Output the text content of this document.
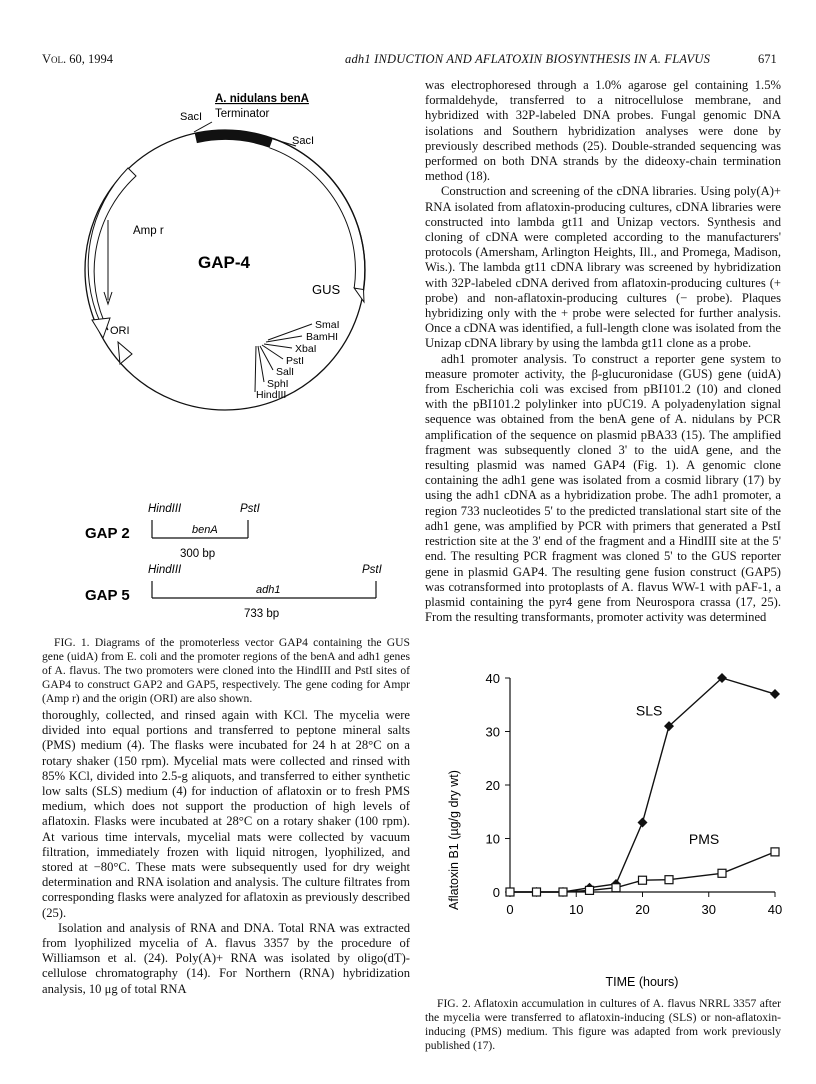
Vol. 60, 1994	adh1 INDUCTION AND AFLATOXIN BIOSYNTHESIS IN A. FLAVUS	671
A. nidulans benA
Terminator
SacI
SacI
GAP-4
GUS
Amp r
ORI	SmaI
BamHI
XbaI
PstI
SalI
SphI
HindIII
HindIII	PstI
GAP 2	benA
300 bp
HindIII	PstI
GAP 5	adh1
733 bp

FIG. 1. Diagrams of the promoterless vector GAP4 containing the GUS gene (uidA) from E. coli and the promoter regions of the benA and adh1 genes of A. flavus. The two promoters were cloned into the HindIII and PstI sites of GAP4 to construct GAP2 and GAP5, respectively. The gene coding for Ampr (Amp r) and the origin (ORI) are also shown.

thoroughly, collected, and rinsed again with KCl. The mycelia were divided into equal portions and transferred to peptone mineral salts (PMS) medium (4). The flasks were incubated for 24 h at 28°C on a rotary shaker (150 rpm). Mycelial mats were collected and rinsed with 85% KCl, divided into 2.5-g aliquots, and transferred to either synthetic low salts (SLS) medium (4) for induction of aflatoxin or to fresh PMS medium, which does not support the production of high levels of aflatoxin. Flasks were incubated at 28°C on a rotary shaker (100 rpm). At various time intervals, mycelial mats were collected by vacuum filtration, immediately frozen with liquid nitrogen, lyophilized, and stored at −80°C. These mats were subsequently used for dry weight determination and RNA isolation and analysis. The culture filtrates from corresponding flasks were analyzed for aflatoxin as previously described (25).

Isolation and analysis of RNA and DNA. Total RNA was extracted from lyophilized mycelia of A. flavus 3357 by the procedure of Williamson et al. (24). Poly(A)+ RNA was isolated by oligo(dT)-cellulose chromatography (14). For Northern (RNA) hybridization analysis, 10 μg of total RNA

was electrophoresed through a 1.0% agarose gel containing 1.5% formaldehyde, transferred to a nitrocellulose membrane, and hybridized with 32P-labeled DNA probes. Fungal genomic DNA isolations and Southern hybridization analyses were done by previously described methods (25). Double-stranded sequencing was performed on both DNA strands by the dideoxy-chain termination method (18).

Construction and screening of the cDNA libraries. Using poly(A)+ RNA isolated from aflatoxin-producing cultures, cDNA libraries were constructed into lambda gt11 and Unizap vectors. Synthesis and cloning of cDNA were completed according to the manufacturers' protocols (Amersham, Arlington Heights, Ill., and Promega, Madison, Wis.). The lambda gt11 cDNA library was screened by hybridization with 32P-labeled cDNA derived from aflatoxin-producing cultures (+ probe) and non-aflatoxin-producing cultures (− probe). Plaques hybridizing only with the + probe were selected for further analysis. Once a cDNA was identified, a full-length clone was isolated from the Unizap cDNA library by using the lambda gt11 clone as a probe.

adh1 promoter analysis. To construct a reporter gene system to measure promoter activity, the β-glucuronidase (GUS) gene (uidA) from Escherichia coli was excised from pBI101.2 (10) and cloned with the pBI101.2 polylinker into pUC19. A polyadenylation signal sequence was obtained from the benA gene of A. nidulans by PCR amplification of the sequence on plasmid pBA33 (15). The amplified fragment was subsequently cloned 3' to the uidA gene, and the resulting plasmid was named GAP4 (Fig. 1). A genomic clone containing the adh1 gene was isolated from a cosmid library (17) by using the adh1 cDNA as a hybridization probe. The adh1 promoter, a region 733 nucleotides 5' to the predicted translational start site of the adh1 gene, was amplified by PCR with primers that generated a PstI restriction site at the 3' end of the fragment and a HindIII site at the 5' end. The resulting PCR fragment was cloned 5' to the GUS reporter gene in plasmid GAP4. The resulting gene fusion construct (GAP5) was cotransformed into protoplasts of A. flavus WW-1 with pAF-1, a plasmid containing the pyr4 gene from Neurospora crassa (17, 25). From the resulting transformants, promoter activity was determined

Aflatoxin B1 (µg/g dry wt)
TIME (hours)
0	10	20	30	40
0
10
20
30
40
SLS
PMS

FIG. 2. Aflatoxin accumulation in cultures of A. flavus NRRL 3357 after the mycelia were transferred to aflatoxin-inducing (SLS) or non-aflatoxin-inducing (PMS) medium. This figure was adapted from work previously published (17).
